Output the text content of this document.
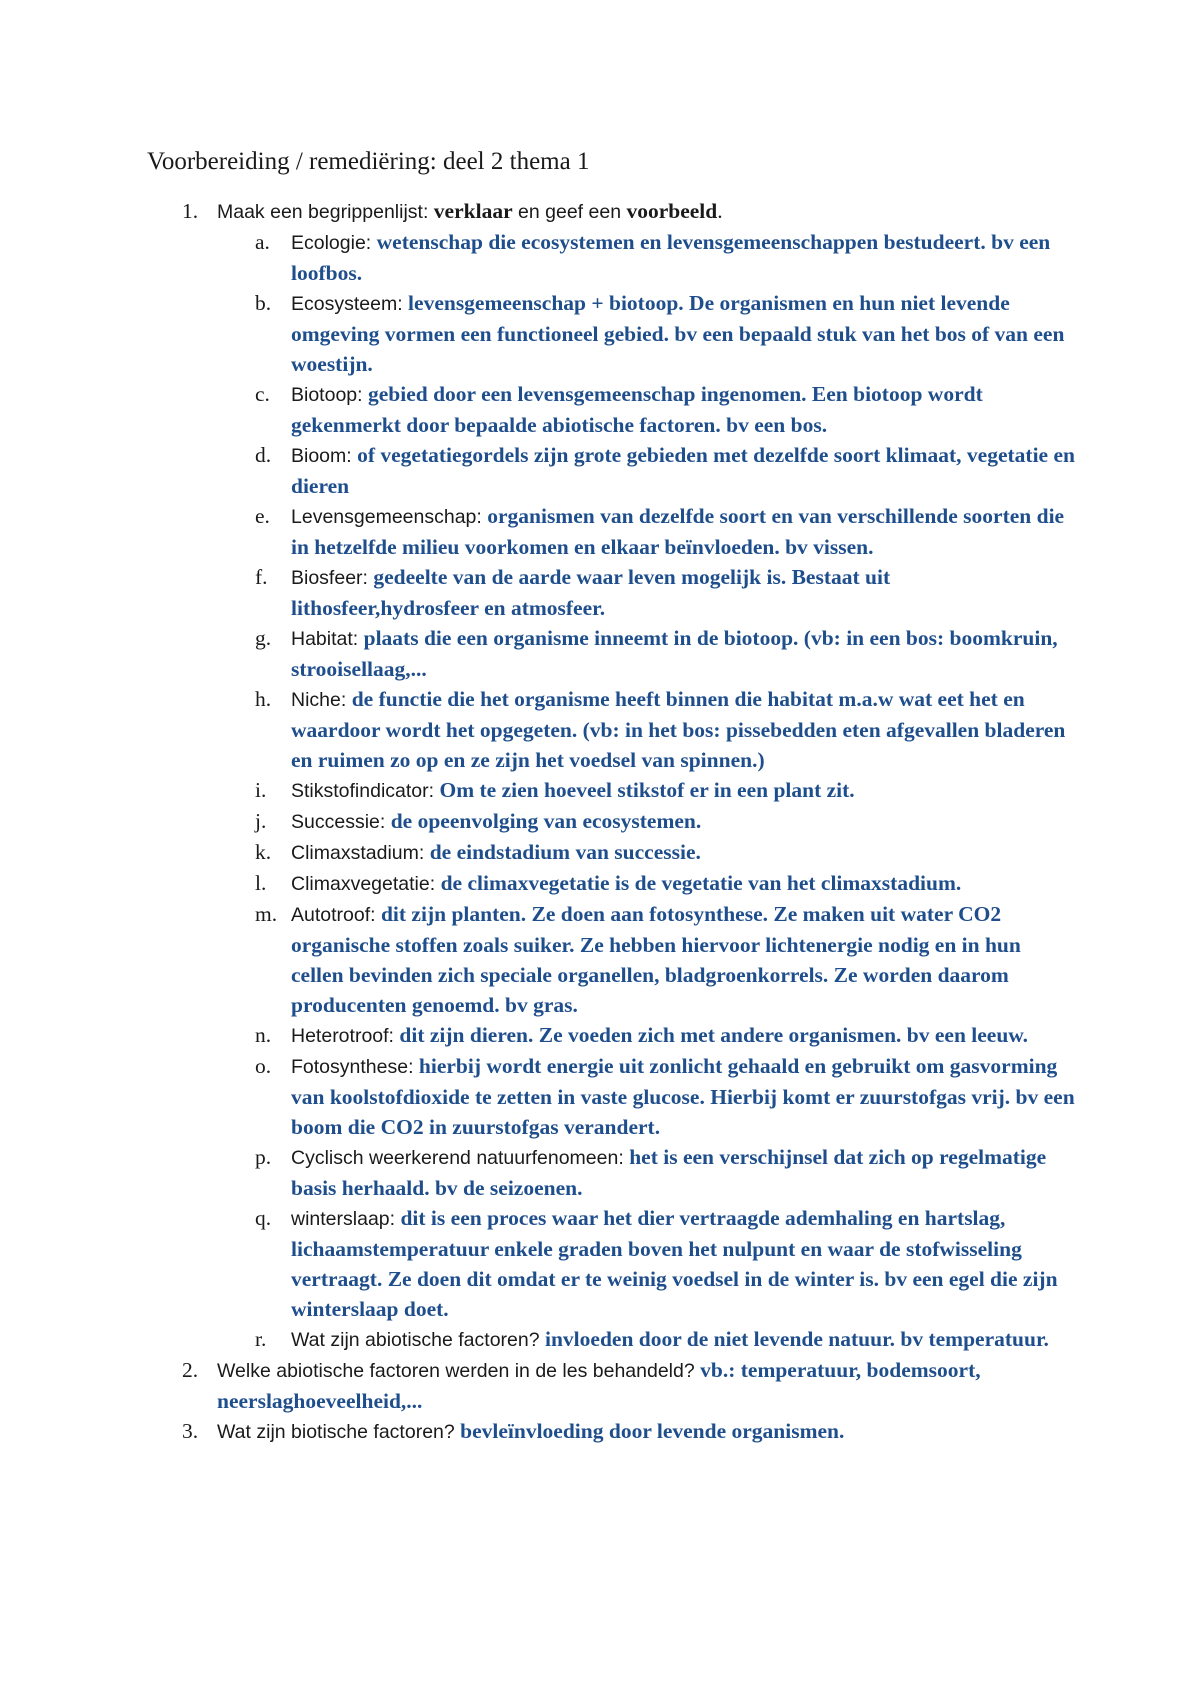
Voorbereiding / remediëring: deel 2 thema 1
1. Maak een begrippenlijst: verklaar en geef een voorbeeld.
a. Ecologie: wetenschap die ecosystemen en levensgemeenschappen bestudeert. bv een loofbos.
b. Ecosysteem: levensgemeenschap + biotoop. De organismen en hun niet levende omgeving vormen een functioneel gebied. bv een bepaald stuk van het bos of van een woestijn.
c. Biotoop: gebied door een levensgemeenschap ingenomen. Een biotoop wordt gekenmerkt door bepaalde abiotische factoren. bv een bos.
d. Bioom: of vegetatiegordels zijn grote gebieden met dezelfde soort klimaat, vegetatie en dieren
e. Levensgemeenschap: organismen van dezelfde soort en van verschillende soorten die in hetzelfde milieu voorkomen en elkaar beïnvloeden. bv vissen.
f. Biosfeer: gedeelte van de aarde waar leven mogelijk is. Bestaat uit lithosfeer,hydrosfeer en atmosfeer.
g. Habitat: plaats die een organisme inneemt in de biotoop. (vb: in een bos: boomkruin, strooisellaag,...
h. Niche: de functie die het organisme heeft binnen die habitat m.a.w wat eet het en waardoor wordt het opgegeten. (vb: in het bos: pissebedden eten afgevallen bladeren en ruimen zo op en ze zijn het voedsel van spinnen.)
i. Stikstofindicator: Om te zien hoeveel stikstof er in een plant zit.
j. Successie: de opeenvolging van ecosystemen.
k. Climaxstadium: de eindstadium van successie.
l. Climaxvegetatie: de climaxvegetatie is de vegetatie van het climaxstadium.
m. Autotroof: dit zijn planten. Ze doen aan fotosynthese. Ze maken uit water CO2 organische stoffen zoals suiker. Ze hebben hiervoor lichtenergie nodig en in hun cellen bevinden zich speciale organellen, bladgroenkorrels. Ze worden daarom producenten genoemd. bv gras.
n. Heterotroof: dit zijn dieren. Ze voeden zich met andere organismen. bv een leeuw.
o. Fotosynthese: hierbij wordt energie uit zonlicht gehaald en gebruikt om gasvorming van koolstofdioxide te zetten in vaste glucose. Hierbij komt er zuurstofgas vrij. bv een boom die CO2 in zuurstofgas verandert.
p. Cyclisch weerkerend natuurfenomeen: het is een verschijnsel dat zich op regelmatige basis herhaald. bv de seizoenen.
q. winterslaap: dit is een proces waar het dier vertraagde ademhaling en hartslag, lichaamstemperatuur enkele graden boven het nulpunt en waar de stofwisseling vertraagt. Ze doen dit omdat er te weinig voedsel in de winter is. bv een egel die zijn winterslaap doet.
r. Wat zijn abiotische factoren? invloeden door de niet levende natuur. bv temperatuur.
2. Welke abiotische factoren werden in de les behandeld? vb.: temperatuur, bodemsoort, neerslaghoeveelheid,...
3. Wat zijn biotische factoren? bevleïnvloeding door levende organismen.
